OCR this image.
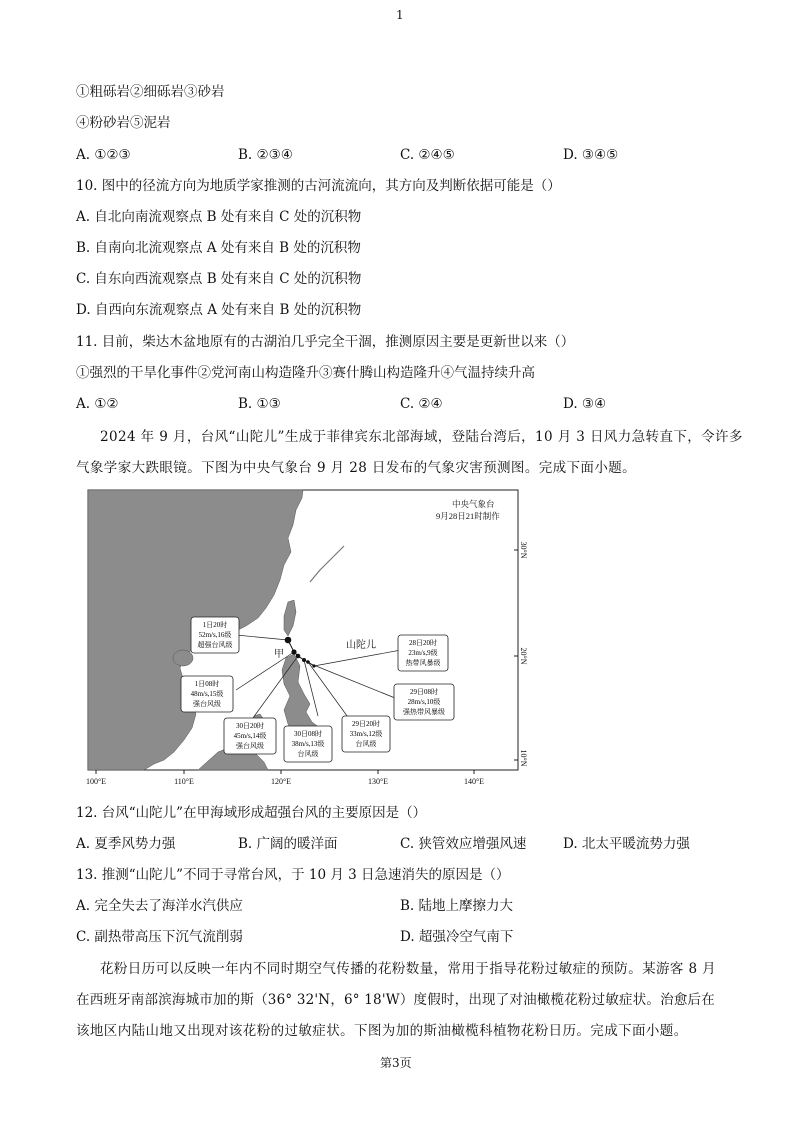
1
①粗砾岩②细砾岩③砂岩
④粉砂岩⑤泥岩
A. ①②③	B. ②③④	C. ②④⑤	D. ③④⑤
10. 图中的径流方向为地质学家推测的古河流流向，其方向及判断依据可能是（）
A. 自北向南流观察点 B 处有来自 C 处的沉积物
B. 自南向北流观察点 A 处有来自 B 处的沉积物
C. 自东向西流观察点 B 处有来自 C 处的沉积物
D. 自西向东流观察点 A 处有来自 B 处的沉积物
11. 目前，柴达木盆地原有的古湖泊几乎完全干涸，推测原因主要是更新世以来（）
①强烈的干旱化事件②党河南山构造隆升③赛什腾山构造隆升④气温持续升高
A. ①②	B. ①③	C. ②④	D. ③④
2024 年 9 月，台风“山陀儿”生成于菲律宾东北部海域，登陆台湾后，10 月 3 日风力急转直下，令许多
气象学家大跌眼镜。下图为中央气象台 9 月 28 日发布的气象灾害预测图。完成下面小题。
中央气象台
9月28日21时制作
30°N
20°N
10°N
100°E	110°E	120°E	130°E	140°E
甲
山陀儿
1日20时
52m/s,16级
超强台风级
1日08时
48m/s,15级
强台风级
30日20时
45m/s,14级
强台风级
30日08时
38m/s,13级
台风级
29日20时
33m/s,12级
台风级
28日20时
23m/s,9级
热带风暴级
29日08时
28m/s,10级
强热带风暴级
12. 台风“山陀儿”在甲海域形成超强台风的主要原因是（）
A. 夏季风势力强	B. 广阔的暖洋面	C. 狭管效应增强风速	D. 北太平暖流势力强
13. 推测“山陀儿”不同于寻常台风，于 10 月 3 日急速消失的原因是（）
A. 完全失去了海洋水汽供应	B. 陆地上摩擦力大
C. 副热带高压下沉气流削弱	D. 超强冷空气南下
花粉日历可以反映一年内不同时期空气传播的花粉数量，常用于指导花粉过敏症的预防。某游客 8 月
在西班牙南部滨海城市加的斯（36° 32'N，6° 18'W）度假时，出现了对油橄榄花粉过敏症状。治愈后在
该地区内陆山地又出现对该花粉的过敏症状。下图为加的斯油橄榄科植物花粉日历。完成下面小题。
第3页
